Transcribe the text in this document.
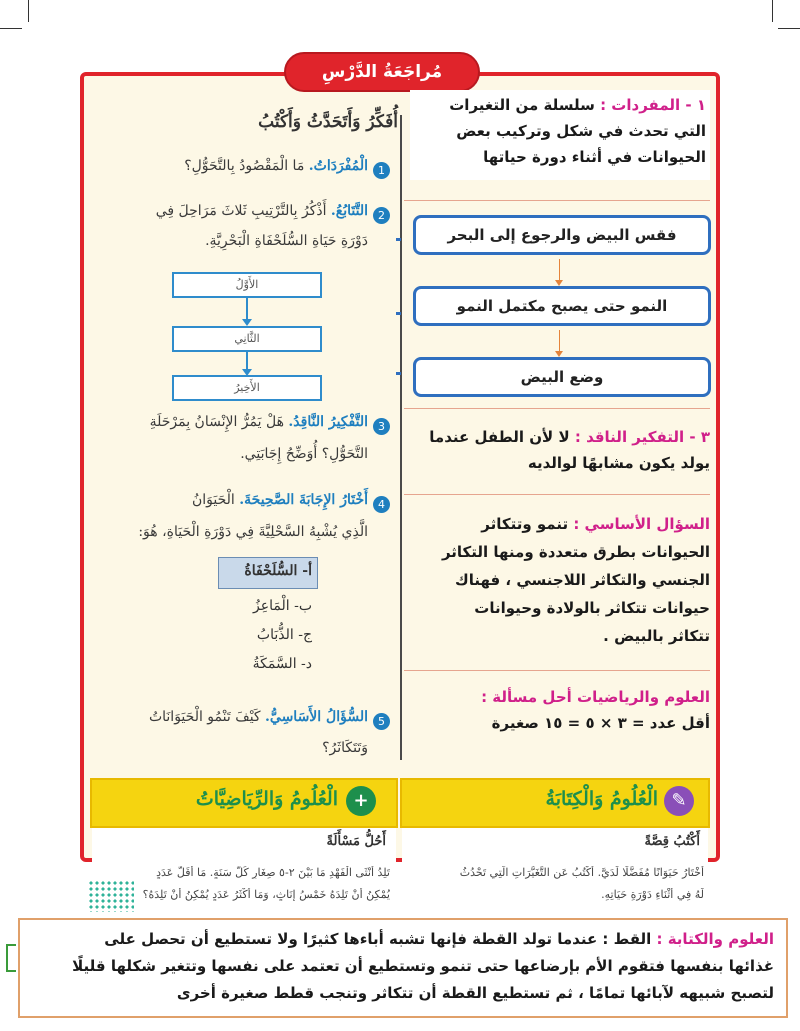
مُراجَعَةُ الدَّرْسِ
أُفَكِّرُ وَأَتَحَدَّثُ وَأَكْتُبُ
1
الْمُفْرَدَاتُ. مَا الْمَقْصُودُ بِالتَّحَوُّلِ؟
2
التَّتَابُعُ. أَذْكُرُ بِالتَّرْتِيبِ ثَلاثَ مَرَاحِلَ فِي
دَوْرَةِ حَيَاةِ السُّلَحْفَاةِ الْبَحْرِيَّةِ.
الأَوَّلُ
الثَّانِي
الأَخِيرُ
3
التَّفْكِيرُ النَّاقِدُ. هَلْ يَمُرُّ الإِنْسَانُ بِمَرْحَلَةِ
التَّحَوُّلِ؟ أُوَضِّحُ إِجَابَتِي.
4
أَخْتَارُ الإِجَابَةَ الصَّحِيحَةَ. الْحَيَوَانُ
الَّذِي يُشْبِهُ السَّحْلِيَّةَ فِي دَوْرَةِ الْحَيَاةِ، هُوَ:
أ- السُّلَحْفَاةُ
ب- الْمَاعِزُ
ج- الذُّبَابُ
د- السَّمَكَةُ
5
السُّؤَالُ الأَسَاسِيُّ. كَيْفَ تَنْمُو الْحَيَوَانَاتُ
وَتَتَكَاثَرُ؟
١ - المفردات : سلسلة من التغيرات
التي تحدث في شكل وتركيب بعض
الحيوانات في أثناء دورة حياتها
فقس البيض والرجوع إلى البحر
النمو حتى يصبح مكتمل النمو
وضع البيض
٣ - التفكير الناقد : لا لأن الطفل عندما
يولد يكون مشابهًا لوالديه
السؤال الأساسي : تنمو وتتكاثر
الحيوانات بطرق متعددة ومنها التكاثر
الجنسي والتكاثر اللاجنسي ، فهناك
حيوانات تتكاثر بالولادة وحيوانات
تتكاثر بالبيض .
العلوم والرياضيات أحل مسألة :
أقل عدد = ٣ × ٥ = ١٥ صغيرة
+
الْعُلُومُ وَالرِّيَاضِيَّاتُ	✎
الْعُلُومُ وَالْكِتَابَةُ
أَحُلُّ مَسْأَلَةً
تَلِدُ أُنْثَى الْفَهْدِ مَا بَيْنَ ٢-٥ صِغَارٍ كُلَّ سَنَةٍ. مَا أَقَلُّ عَدَدٍ
يُمْكِنُ أَنْ تَلِدَهُ خَمْسُ إِنَاثٍ، وَمَا أَكْثَرُ عَدَدٍ يُمْكِنُ أَنْ تَلِدَهُ؟
أَكْتُبُ قِصَّةً
أَخْتَارُ حَيَوَانًا مُفَضَّلًا لَدَيَّ. أَكْتُبُ عَنِ التَّغَيُّرَاتِ الَّتِي تَحْدُثُ
لَهُ فِي أَثْنَاءِ دَوْرَةِ حَيَاتِهِ.
العلوم والكتابة : القط : عندما تولد القطة فإنها تشبه أباءها كثيرًا ولا تستطيع أن تحصل على
غذائها بنفسها فتقوم الأم بإرضاعها حتى تنمو وتستطيع أن تعتمد على نفسها وتتغير شكلها قليلًا
لتصبح شبيهه لآبائها تمامًا ، ثم تستطيع القطة أن تتكاثر وتنجب قطط صغيرة أخرى
